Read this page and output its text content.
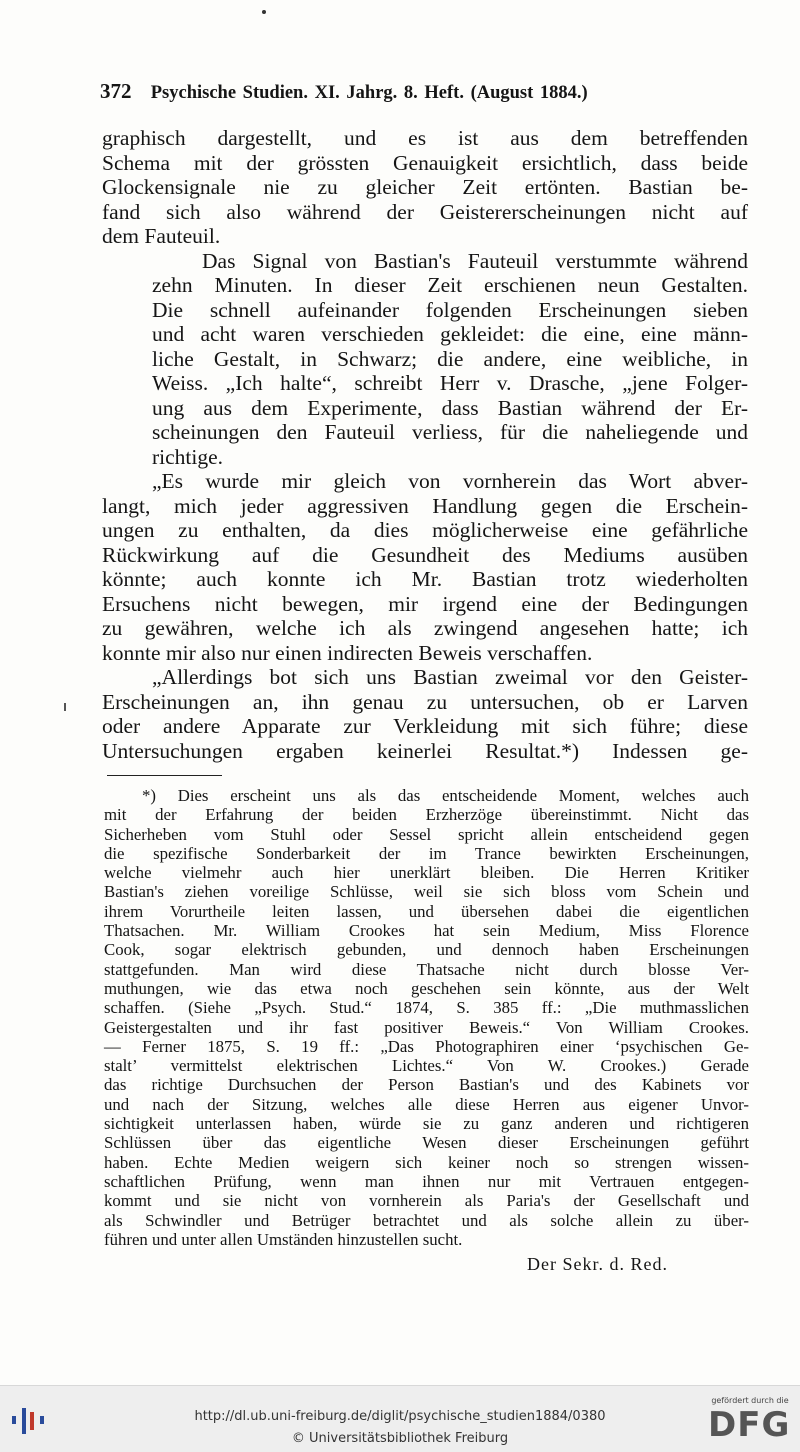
372 Psychische Studien. XI. Jahrg. 8. Heft. (August 1884.)

graphisch dargestellt, und es ist aus dem betreffenden
Schema mit der grössten Genauigkeit ersichtlich, dass beide
Glockensignale nie zu gleicher Zeit ertönten. Bastian be-
fand sich also während der Geistererscheinungen nicht auf
dem Fauteuil.

Das Signal von Bastian's Fauteuil verstummte während
zehn Minuten. In dieser Zeit erschienen neun Gestalten.
Die schnell aufeinander folgenden Erscheinungen sieben
und acht waren verschieden gekleidet: die eine, eine männ-
liche Gestalt, in Schwarz; die andere, eine weibliche, in
Weiss. „Ich halte“, schreibt Herr v. Drasche, „jene Folger-
ung aus dem Experimente, dass Bastian während der Er-
scheinungen den Fauteuil verliess, für die naheliegende und
richtige.

„Es wurde mir gleich von vornherein das Wort abver-
langt, mich jeder aggressiven Handlung gegen die Erschein-
ungen zu enthalten, da dies möglicherweise eine gefährliche
Rückwirkung auf die Gesundheit des Mediums ausüben
könnte; auch konnte ich Mr. Bastian trotz wiederholten
Ersuchens nicht bewegen, mir irgend eine der Bedingungen
zu gewähren, welche ich als zwingend angesehen hatte; ich
konnte mir also nur einen indirecten Beweis verschaffen.

„Allerdings bot sich uns Bastian zweimal vor den Geister-
Erscheinungen an, ihn genau zu untersuchen, ob er Larven
oder andere Apparate zur Verkleidung mit sich führe; diese
Untersuchungen ergaben keinerlei Resultat.*) Indessen ge-

*) Dies erscheint uns als das entscheidende Moment, welches auch
mit der Erfahrung der beiden Erzherzöge übereinstimmt. Nicht das
Sicherheben vom Stuhl oder Sessel spricht allein entscheidend gegen
die spezifische Sonderbarkeit der im Trance bewirkten Erscheinungen,
welche vielmehr auch hier unerklärt bleiben. Die Herren Kritiker
Bastian's ziehen voreilige Schlüsse, weil sie sich bloss vom Schein und
ihrem Vorurtheile leiten lassen, und übersehen dabei die eigentlichen
Thatsachen. Mr. William Crookes hat sein Medium, Miss Florence
Cook, sogar elektrisch gebunden, und dennoch haben Erscheinungen
stattgefunden. Man wird diese Thatsache nicht durch blosse Ver-
muthungen, wie das etwa noch geschehen sein könnte, aus der Welt
schaffen. (Siehe „Psych. Stud.“ 1874, S. 385 ff.: „Die muthmasslichen
Geistergestalten und ihr fast positiver Beweis.“ Von William Crookes.
— Ferner 1875, S. 19 ff.: „Das Photographiren einer ‘psychischen Ge-
stalt’ vermittelst elektrischen Lichtes.“ Von W. Crookes.) Gerade
das richtige Durchsuchen der Person Bastian's und des Kabinets vor
und nach der Sitzung, welches alle diese Herren aus eigener Unvor-
sichtigkeit unterlassen haben, würde sie zu ganz anderen und richtigeren
Schlüssen über das eigentliche Wesen dieser Erscheinungen geführt
haben. Echte Medien weigern sich keiner noch so strengen wissen-
schaftlichen Prüfung, wenn man ihnen nur mit Vertrauen entgegen-
kommt und sie nicht von vornherein als Paria's der Gesellschaft und
als Schwindler und Betrüger betrachtet und als solche allein zu über-
führen und unter allen Umständen hinzustellen sucht.
Der Sekr. d. Red.
http://dl.ub.uni-freiburg.de/diglit/psychische_studien1884/0380
© Universitätsbibliothek Freiburg
gefördert durch die
DFG
